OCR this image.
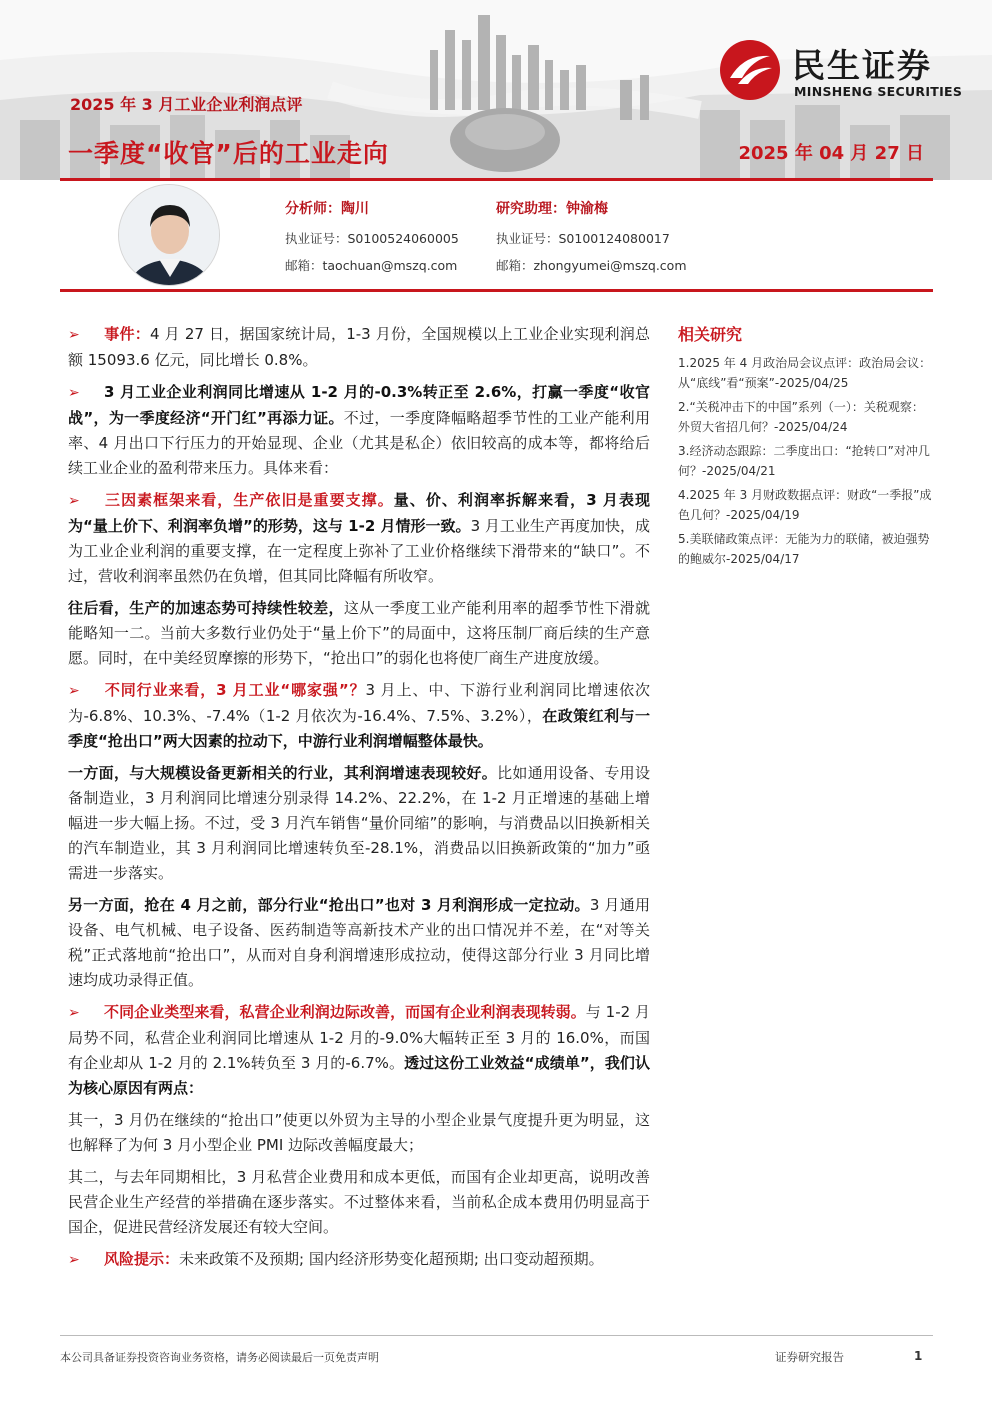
2025 年 3 月工业企业利润点评
一季度“收官”后的工业走向	2025 年 04 月 27 日
民生证券
MINSHENG SECURITIES
分析师：陶川
执业证号：S0100524060005
邮箱：taochuan@mszq.com
研究助理：钟渝梅
执业证号：S0100124080017
邮箱：zhongyumei@mszq.com

➢ 事件：4 月 27 日，据国家统计局，1-3 月份，全国规模以上工业企业实现利润总额 15093.6 亿元，同比增长 0.8%。

➢ 3 月工业企业利润同比增速从 1-2 月的-0.3%转正至 2.6%，打赢一季度“收官战”，为一季度经济“开门红”再添力证。不过，一季度降幅略超季节性的工业产能利用率、4 月出口下行压力的开始显现、企业（尤其是私企）依旧较高的成本等，都将给后续工业企业的盈利带来压力。具体来看：

➢ 三因素框架来看，生产依旧是重要支撑。量、价、利润率拆解来看，3 月表现为“量上价下、利润率负增”的形势，这与 1-2 月情形一致。3 月工业生产再度加快，成为工业企业利润的重要支撑，在一定程度上弥补了工业价格继续下滑带来的“缺口”。不过，营收利润率虽然仍在负增，但其同比降幅有所收窄。

往后看，生产的加速态势可持续性较差，这从一季度工业产能利用率的超季节性下滑就能略知一二。当前大多数行业仍处于“量上价下”的局面中，这将压制厂商后续的生产意愿。同时，在中美经贸摩擦的形势下，“抢出口”的弱化也将使厂商生产进度放缓。

➢ 不同行业来看，3 月工业“哪家强”？3 月上、中、下游行业利润同比增速依次为-6.8%、10.3%、-7.4%（1-2 月依次为-16.4%、7.5%、3.2%），在政策红利与一季度“抢出口”两大因素的拉动下，中游行业利润增幅整体最快。

一方面，与大规模设备更新相关的行业，其利润增速表现较好。比如通用设备、专用设备制造业，3 月利润同比增速分别录得 14.2%、22.2%，在 1-2 月正增速的基础上增幅进一步大幅上扬。不过，受 3 月汽车销售“量价同缩”的影响，与消费品以旧换新相关的汽车制造业，其 3 月利润同比增速转负至-28.1%，消费品以旧换新政策的“加力”亟需进一步落实。

另一方面，抢在 4 月之前，部分行业“抢出口”也对 3 月利润形成一定拉动。3 月通用设备、电气机械、电子设备、医药制造等高新技术产业的出口情况并不差，在“对等关税”正式落地前“抢出口”，从而对自身利润增速形成拉动，使得这部分行业 3 月同比增速均成功录得正值。

➢ 不同企业类型来看，私营企业利润边际改善，而国有企业利润表现转弱。与 1-2 月局势不同，私营企业利润同比增速从 1-2 月的-9.0%大幅转正至 3 月的 16.0%，而国有企业却从 1-2 月的 2.1%转负至 3 月的-6.7%。透过这份工业效益“成绩单”，我们认为核心原因有两点：

其一，3 月仍在继续的“抢出口”使更以外贸为主导的小型企业景气度提升更为明显，这也解释了为何 3 月小型企业 PMI 边际改善幅度最大；

其二，与去年同期相比，3 月私营企业费用和成本更低，而国有企业却更高，说明改善民营企业生产经营的举措确在逐步落实。不过整体来看，当前私企成本费用仍明显高于国企，促进民营经济发展还有较大空间。

➢ 风险提示：未来政策不及预期; 国内经济形势变化超预期; 出口变动超预期。

相关研究
1.2025 年 4 月政治局会议点评：政治局会议：从“底线”看“预案”-2025/04/25
2.“关税冲击下的中国”系列（一）：关税观察：外贸大省招几何？-2025/04/24
3.经济动态跟踪：二季度出口：“抢转口”对冲几何？-2025/04/21
4.2025 年 3 月财政数据点评：财政“一季报”成色几何？-2025/04/19
5.美联储政策点评：无能为力的联储，被迫强势的鲍威尔-2025/04/17
本公司具备证券投资咨询业务资格，请务必阅读最后一页免责声明	证券研究报告	1
